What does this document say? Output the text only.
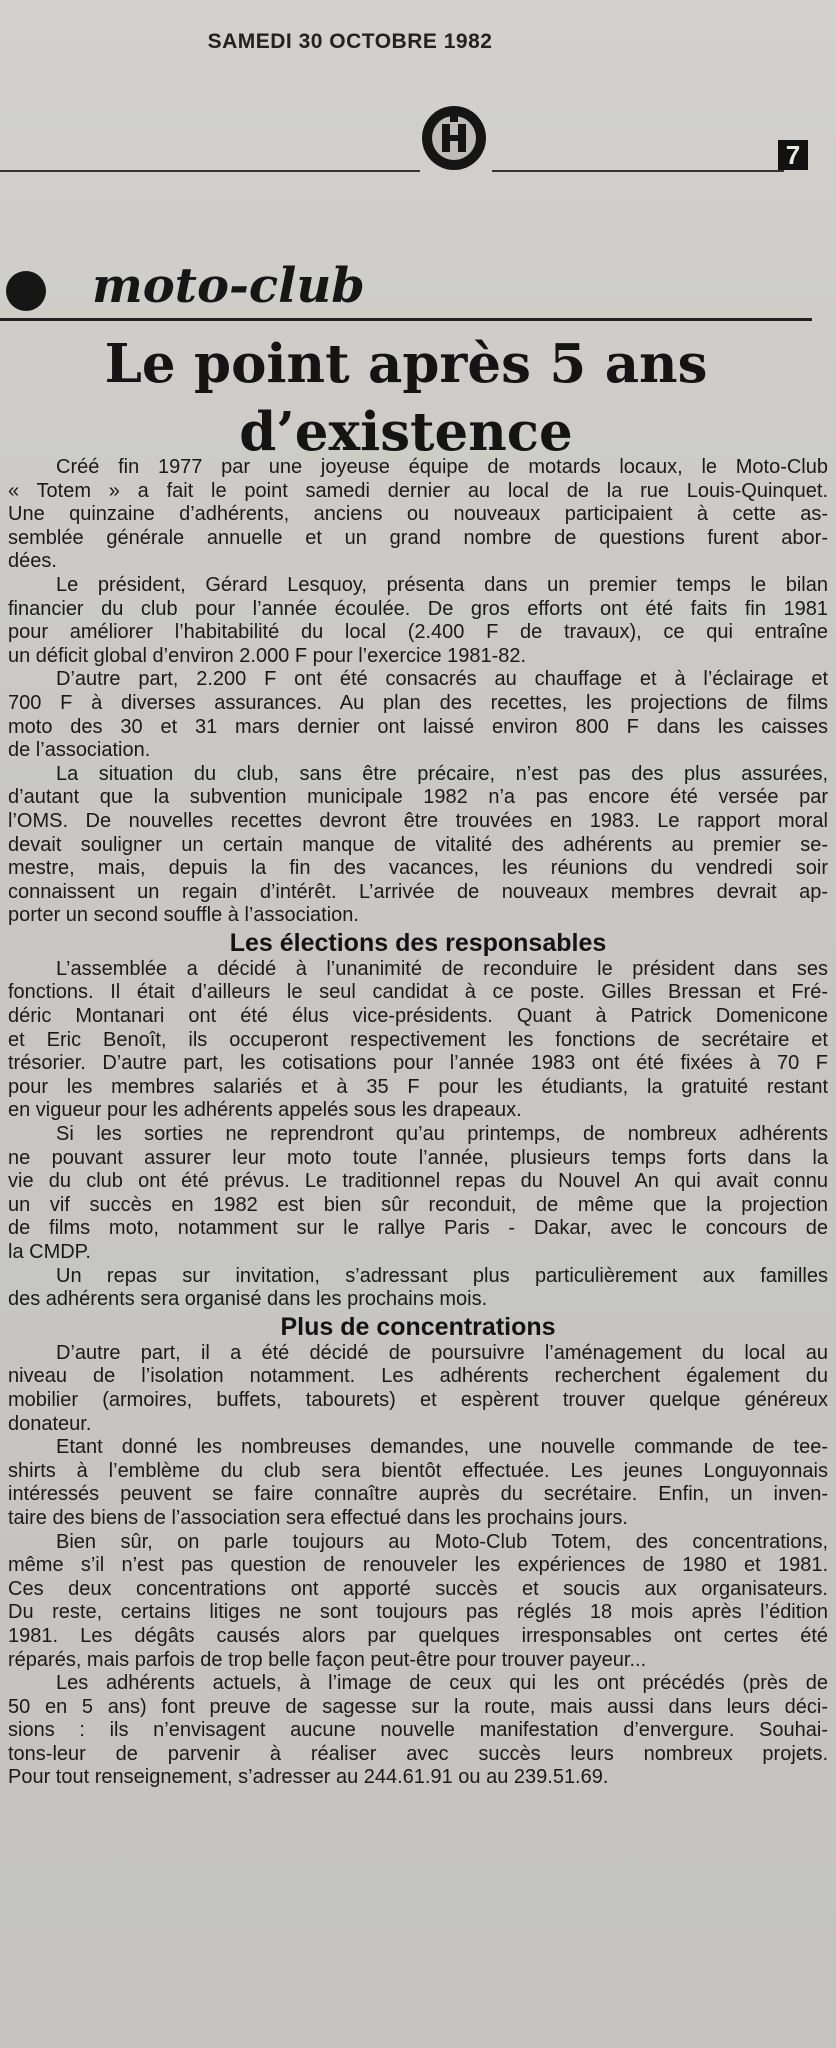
SAMEDI 30 OCTOBRE 1982
7
moto-club
Le point après 5 ans
d’existence
Créé fin 1977 par une joyeuse équipe de motards locaux, le Moto-Club
« Totem » a fait le point samedi dernier au local de la rue Louis-Quinquet.
Une quinzaine d’adhérents, anciens ou nouveaux participaient à cette as-
semblée générale annuelle et un grand nombre de questions furent abor-
dées.
Le président, Gérard Lesquoy, présenta dans un premier temps le bilan
financier du club pour l’année écoulée. De gros efforts ont été faits fin 1981
pour améliorer l’habitabilité du local (2.400 F de travaux), ce qui entraîne
un déficit global d’environ 2.000 F pour l’exercice 1981-82.
D’autre part, 2.200 F ont été consacrés au chauffage et à l’éclairage et
700 F à diverses assurances. Au plan des recettes, les projections de films
moto des 30 et 31 mars dernier ont laissé environ 800 F dans les caisses
de l’association.
La situation du club, sans être précaire, n’est pas des plus assurées,
d’autant que la subvention municipale 1982 n’a pas encore été versée par
l’OMS. De nouvelles recettes devront être trouvées en 1983. Le rapport moral
devait souligner un certain manque de vitalité des adhérents au premier se-
mestre, mais, depuis la fin des vacances, les réunions du vendredi soir
connaissent un regain d’intérêt. L’arrivée de nouveaux membres devrait ap-
porter un second souffle à l’association.
Les élections des responsables
L’assemblée a décidé à l’unanimité de reconduire le président dans ses
fonctions. Il était d’ailleurs le seul candidat à ce poste. Gilles Bressan et Fré-
déric Montanari ont été élus vice-présidents. Quant à Patrick Domenicone
et Eric Benoît, ils occuperont respectivement les fonctions de secrétaire et
trésorier. D’autre part, les cotisations pour l’année 1983 ont été fixées à 70 F
pour les membres salariés et à 35 F pour les étudiants, la gratuité restant
en vigueur pour les adhérents appelés sous les drapeaux.
Si les sorties ne reprendront qu’au printemps, de nombreux adhérents
ne pouvant assurer leur moto toute l’année, plusieurs temps forts dans la
vie du club ont été prévus. Le traditionnel repas du Nouvel An qui avait connu
un vif succès en 1982 est bien sûr reconduit, de même que la projection
de films moto, notamment sur le rallye Paris - Dakar, avec le concours de
la CMDP.
Un repas sur invitation, s’adressant plus particulièrement aux familles
des adhérents sera organisé dans les prochains mois.
Plus de concentrations
D’autre part, il a été décidé de poursuivre l’aménagement du local au
niveau de l’isolation notamment. Les adhérents recherchent également du
mobilier (armoires, buffets, tabourets) et espèrent trouver quelque généreux
donateur.
Etant donné les nombreuses demandes, une nouvelle commande de tee-
shirts à l’emblème du club sera bientôt effectuée. Les jeunes Longuyonnais
intéressés peuvent se faire connaître auprès du secrétaire. Enfin, un inven-
taire des biens de l’association sera effectué dans les prochains jours.
Bien sûr, on parle toujours au Moto-Club Totem, des concentrations,
même s’il n’est pas question de renouveler les expériences de 1980 et 1981.
Ces deux concentrations ont apporté succès et soucis aux organisateurs.
Du reste, certains litiges ne sont toujours pas réglés 18 mois après l’édition
1981. Les dégâts causés alors par quelques irresponsables ont certes été
réparés, mais parfois de trop belle façon peut-être pour trouver payeur...
Les adhérents actuels, à l’image de ceux qui les ont précédés (près de
50 en 5 ans) font preuve de sagesse sur la route, mais aussi dans leurs déci-
sions : ils n’envisagent aucune nouvelle manifestation d’envergure. Souhai-
tons-leur de parvenir à réaliser avec succès leurs nombreux projets.
Pour tout renseignement, s’adresser au 244.61.91 ou au 239.51.69.
